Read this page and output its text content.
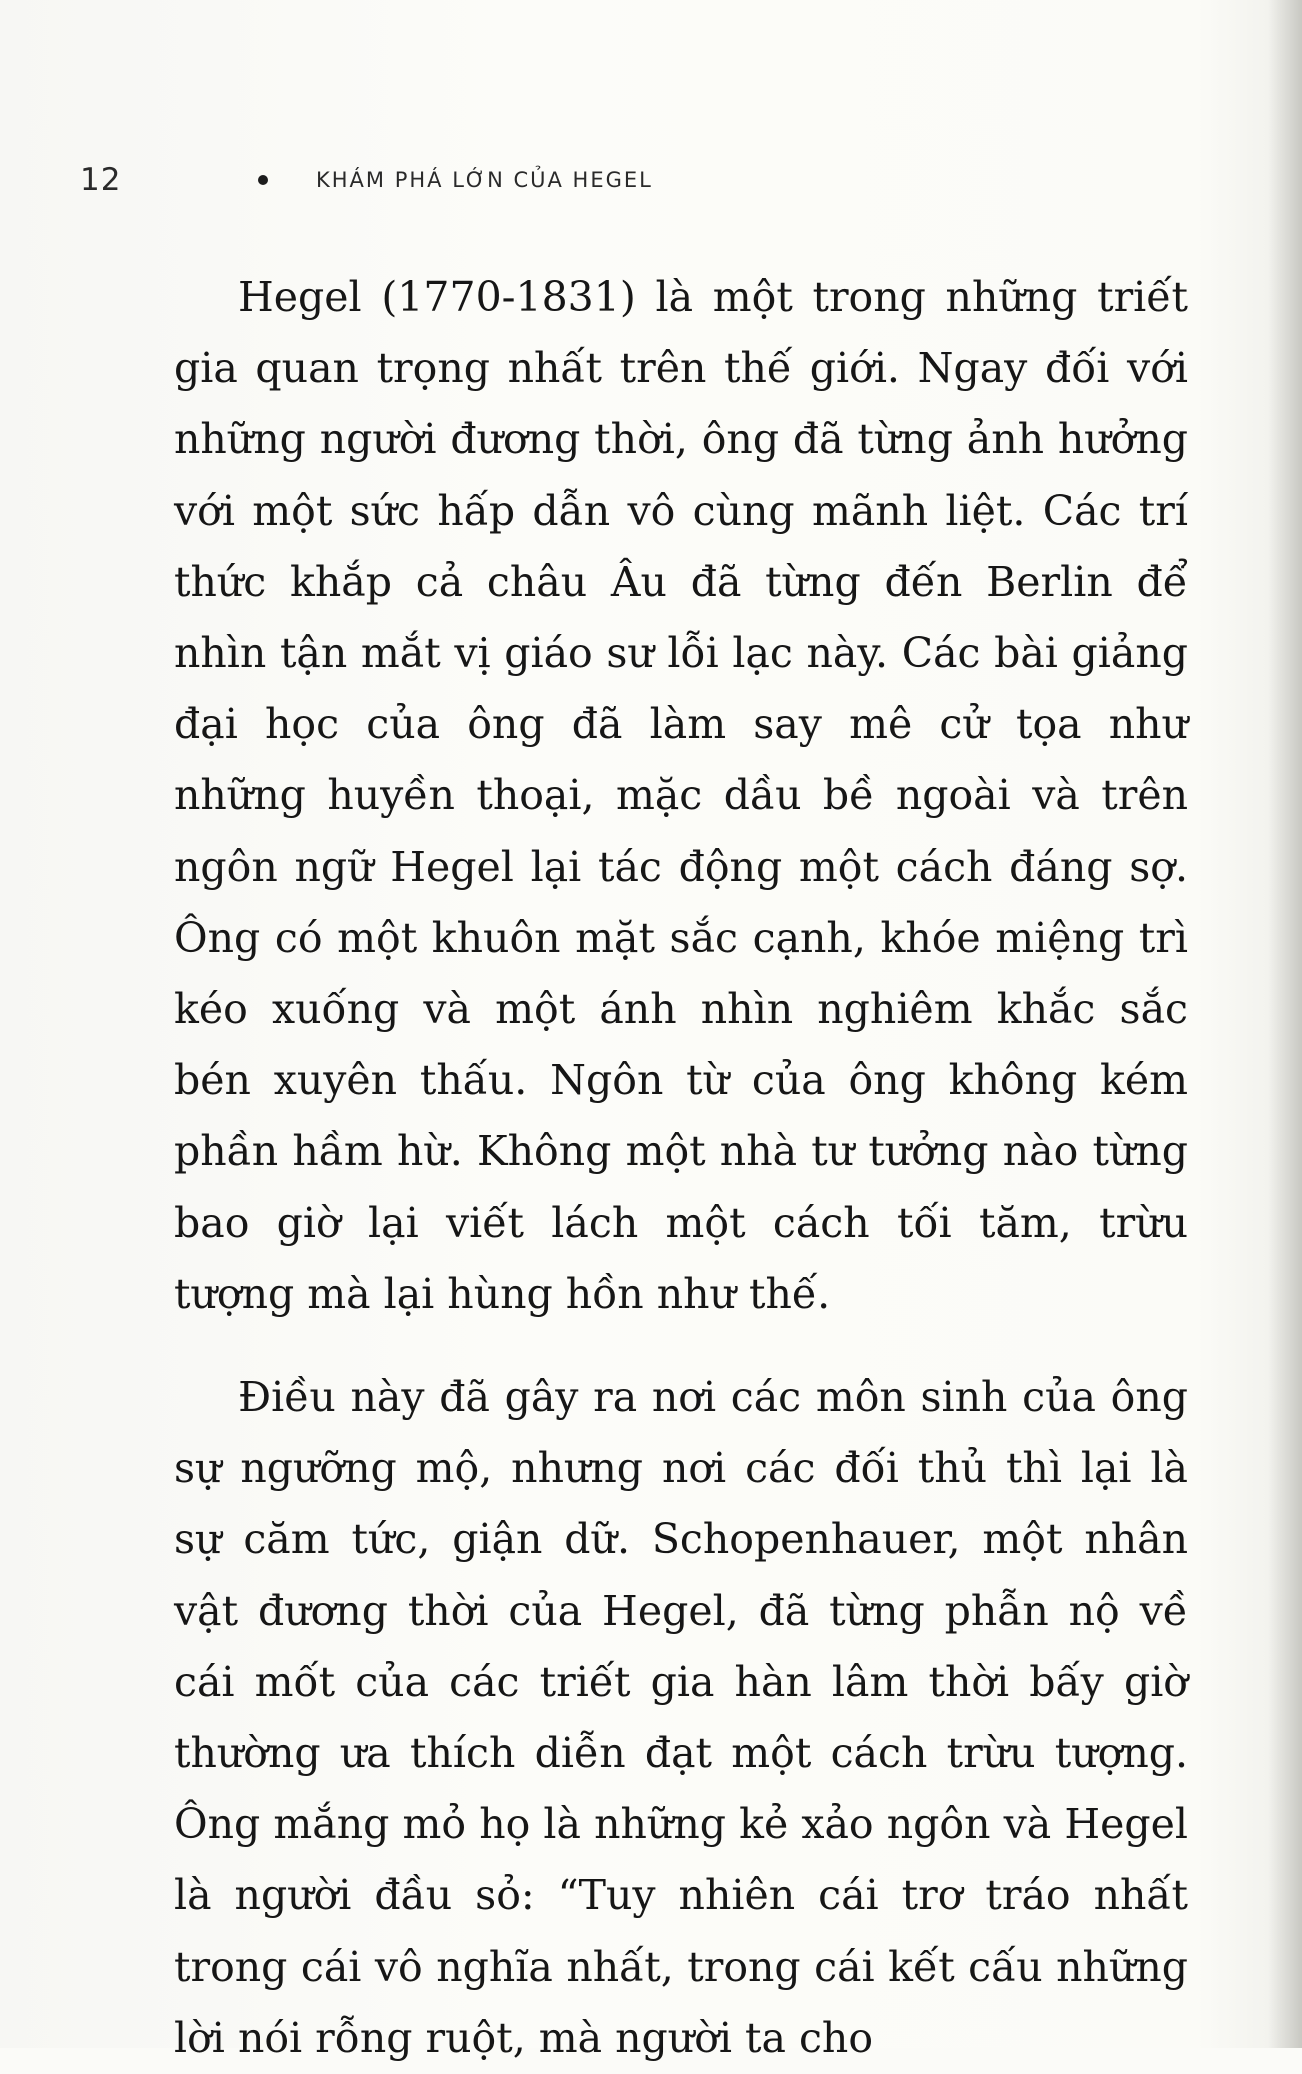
12	KHÁM PHÁ LỚN CỦA HEGEL

Hegel (1770-1831) là một trong những triết gia quan trọng nhất trên thế giới. Ngay đối với những người đương thời, ông đã từng ảnh hưởng với một sức hấp dẫn vô cùng mãnh liệt. Các trí thức khắp cả châu Âu đã từng đến Berlin để nhìn tận mắt vị giáo sư lỗi lạc này. Các bài giảng đại học của ông đã làm say mê cử tọa như những huyền thoại, mặc dầu bề ngoài và trên ngôn ngữ Hegel lại tác động một cách đáng sợ. Ông có một khuôn mặt sắc cạnh, khóe miệng trì kéo xuống và một ánh nhìn nghiêm khắc sắc bén xuyên thấu. Ngôn từ của ông không kém phần hầm hừ. Không một nhà tư tưởng nào từng bao giờ lại viết lách một cách tối tăm, trừu tượng mà lại hùng hồn như thế.

Điều này đã gây ra nơi các môn sinh của ông sự ngưỡng mộ, nhưng nơi các đối thủ thì lại là sự căm tức, giận dữ. Schopenhauer, một nhân vật đương thời của Hegel, đã từng phẫn nộ về cái mốt của các triết gia hàn lâm thời bấy giờ thường ưa thích diễn đạt một cách trừu tượng. Ông mắng mỏ họ là những kẻ xảo ngôn và Hegel là người đầu sỏ: “Tuy nhiên cái trơ tráo nhất trong cái vô nghĩa nhất, trong cái kết cấu những lời nói rỗng ruột, mà người ta cho
